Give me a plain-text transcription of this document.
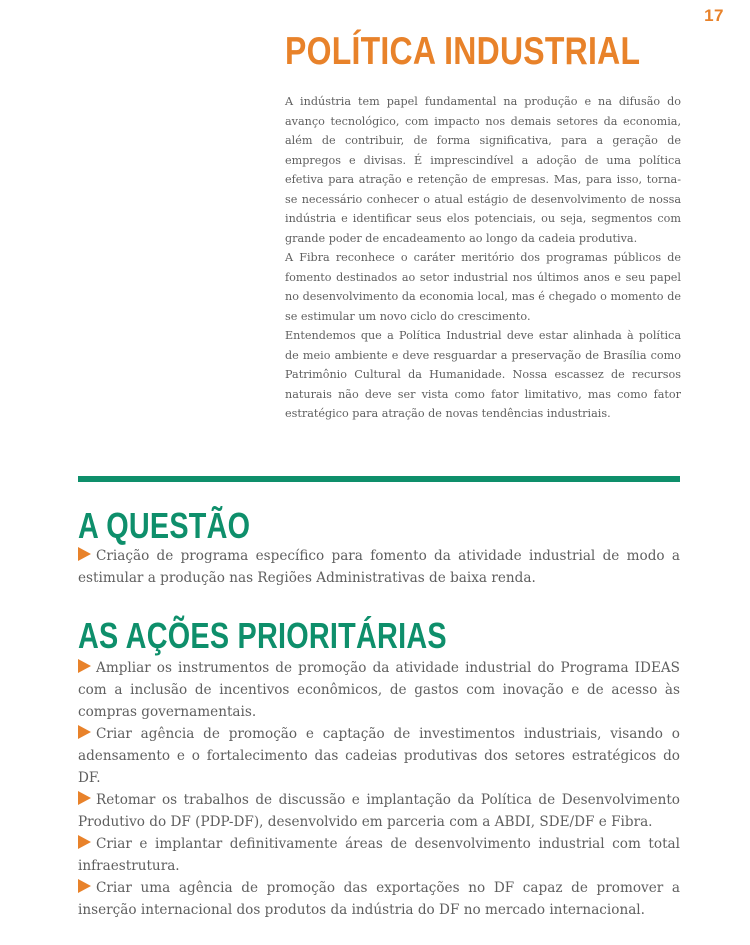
17
POLÍTICA INDUSTRIAL

A indústria tem papel fundamental na produção e na difusão do avanço tecnológico, com impacto nos demais setores da economia, além de contribuir, de forma significativa, para a geração de empregos e divisas. É imprescindível a adoção de uma política efetiva para atração e retenção de empresas. Mas, para isso, torna-se necessário conhecer o atual estágio de desenvolvimento de nossa indústria e identificar seus elos potenciais, ou seja, segmentos com grande poder de encadeamento ao longo da cadeia produtiva.

A Fibra reconhece o caráter meritório dos programas públicos de fomento destinados ao setor industrial nos últimos anos e seu papel no desenvolvimento da economia local, mas é chegado o momento de se estimular um novo ciclo do crescimento.

Entendemos que a Política Industrial deve estar alinhada à política de meio ambiente e deve resguardar a preservação de Brasília como Patrimônio Cultural da Humanidade. Nossa escassez de recursos naturais não deve ser vista como fator limitativo, mas como fator estratégico para atração de novas tendências industriais.

A QUESTÃO

Criação de programa específico para fomento da atividade industrial de modo a estimular a produção nas Regiões Administrativas de baixa renda.

AS AÇÕES PRIORITÁRIAS

Ampliar os instrumentos de promoção da atividade industrial do Programa IDEAS com a inclusão de incentivos econômicos, de gastos com inovação e de acesso às compras governamentais.

Criar agência de promoção e captação de investimentos industriais, visando o adensamento e o fortalecimento das cadeias produtivas dos setores estratégicos do DF.

Retomar os trabalhos de discussão e implantação da Política de Desenvolvimento Produtivo do DF (PDP-DF), desenvolvido em parceria com a ABDI, SDE/DF e Fibra.

Criar e implantar definitivamente áreas de desenvolvimento industrial com total infraestrutura.

Criar uma agência de promoção das exportações no DF capaz de promover a inserção internacional dos produtos da indústria do DF no mercado internacional.
